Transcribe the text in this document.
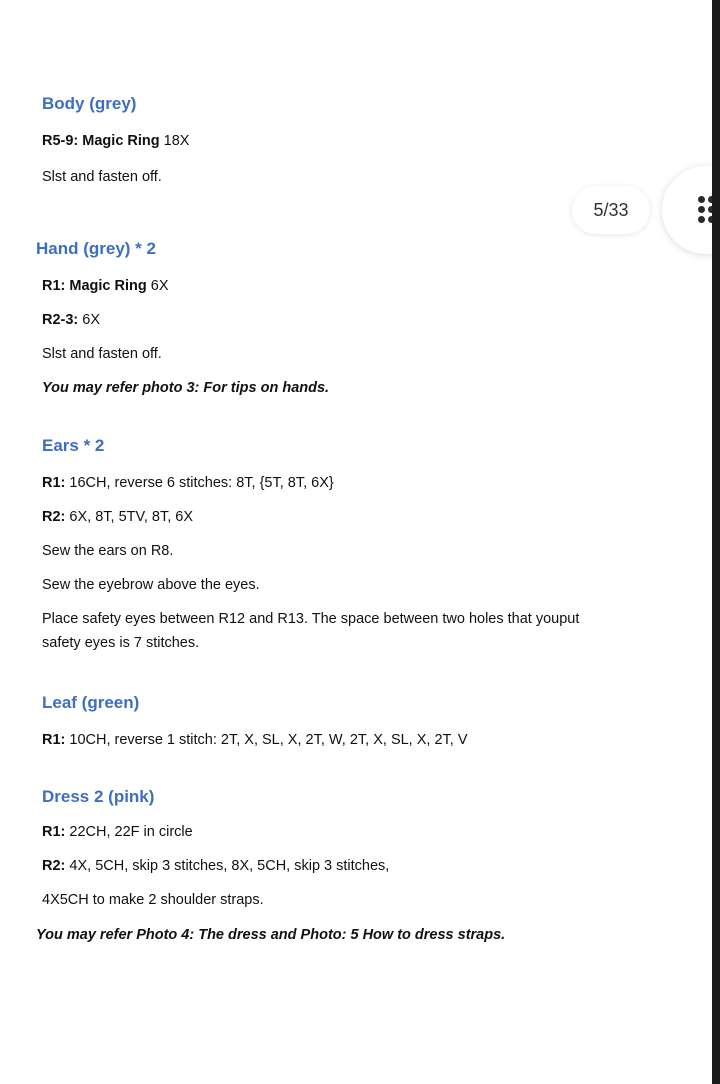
Body (grey)
R5-9: Magic Ring 18X
Slst and fasten off.
Hand (grey) * 2
R1: Magic Ring 6X
R2-3: 6X
Slst and fasten off.
You may refer photo 3: For tips on hands.
Ears * 2
R1: 16CH, reverse 6 stitches: 8T, {5T, 8T, 6X}
R2: 6X, 8T, 5TV, 8T, 6X
Sew the ears on R8.
Sew the eyebrow above the eyes.
Place safety eyes between R12 and R13. The space between two holes that youput safety eyes is 7 stitches.
Leaf (green)
R1: 10CH, reverse 1 stitch: 2T, X, SL, X, 2T, W, 2T, X, SL, X, 2T, V
Dress 2 (pink)
R1: 22CH, 22F in circle
R2: 4X, 5CH, skip 3 stitches, 8X, 5CH, skip 3 stitches,
4X5CH to make 2 shoulder straps.
You may refer Photo 4: The dress and Photo: 5 How to dress straps.
5/33
